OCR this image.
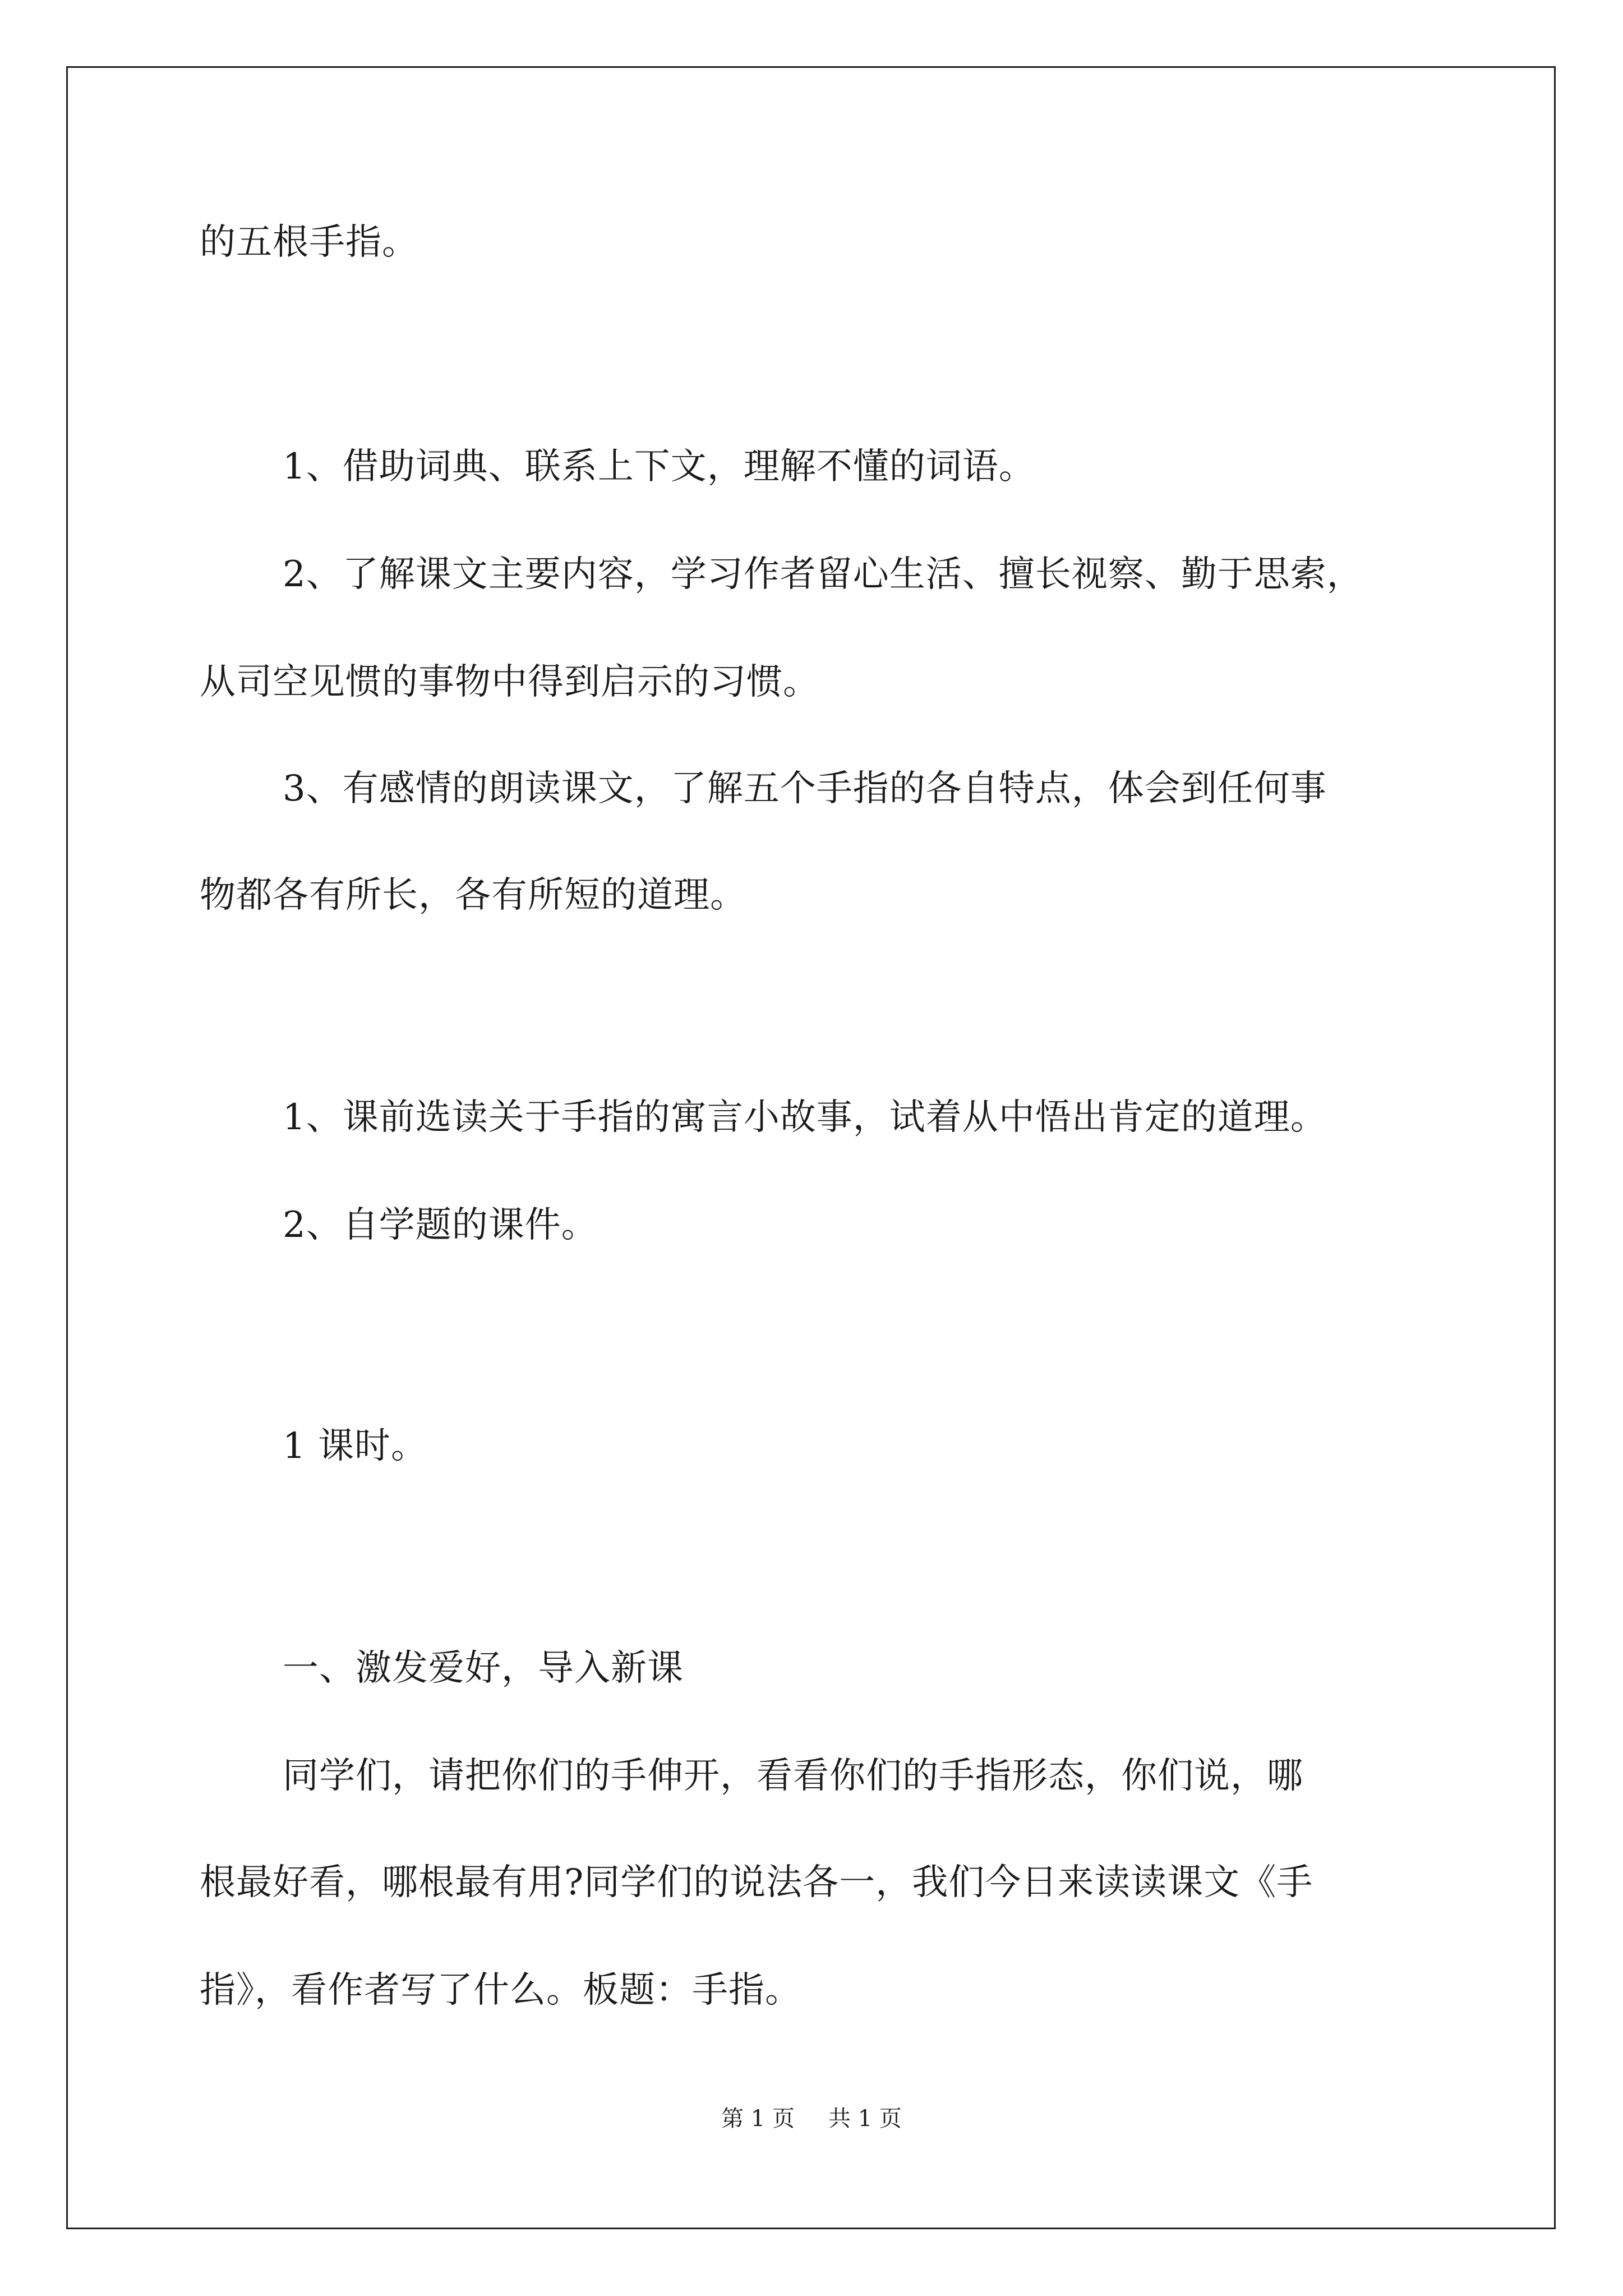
的五根手指。
1、借助词典、联系上下文，理解不懂的词语。
2、了解课文主要内容，学习作者留心生活、擅长视察、勤于思索，
从司空见惯的事物中得到启示的习惯。
3、有感情的朗读课文，了解五个手指的各自特点，体会到任何事
物都各有所长，各有所短的道理。
1、课前选读关于手指的寓言小故事，试着从中悟出肯定的道理。
2、自学题的课件。
1 课时。
一、激发爱好，导入新课
同学们，请把你们的手伸开，看看你们的手指形态，你们说，哪
根最好看，哪根最有用?同学们的说法各一，我们今日来读读课文《手
指》，看作者写了什么。板题：手指。
第 1 页 共 1 页
